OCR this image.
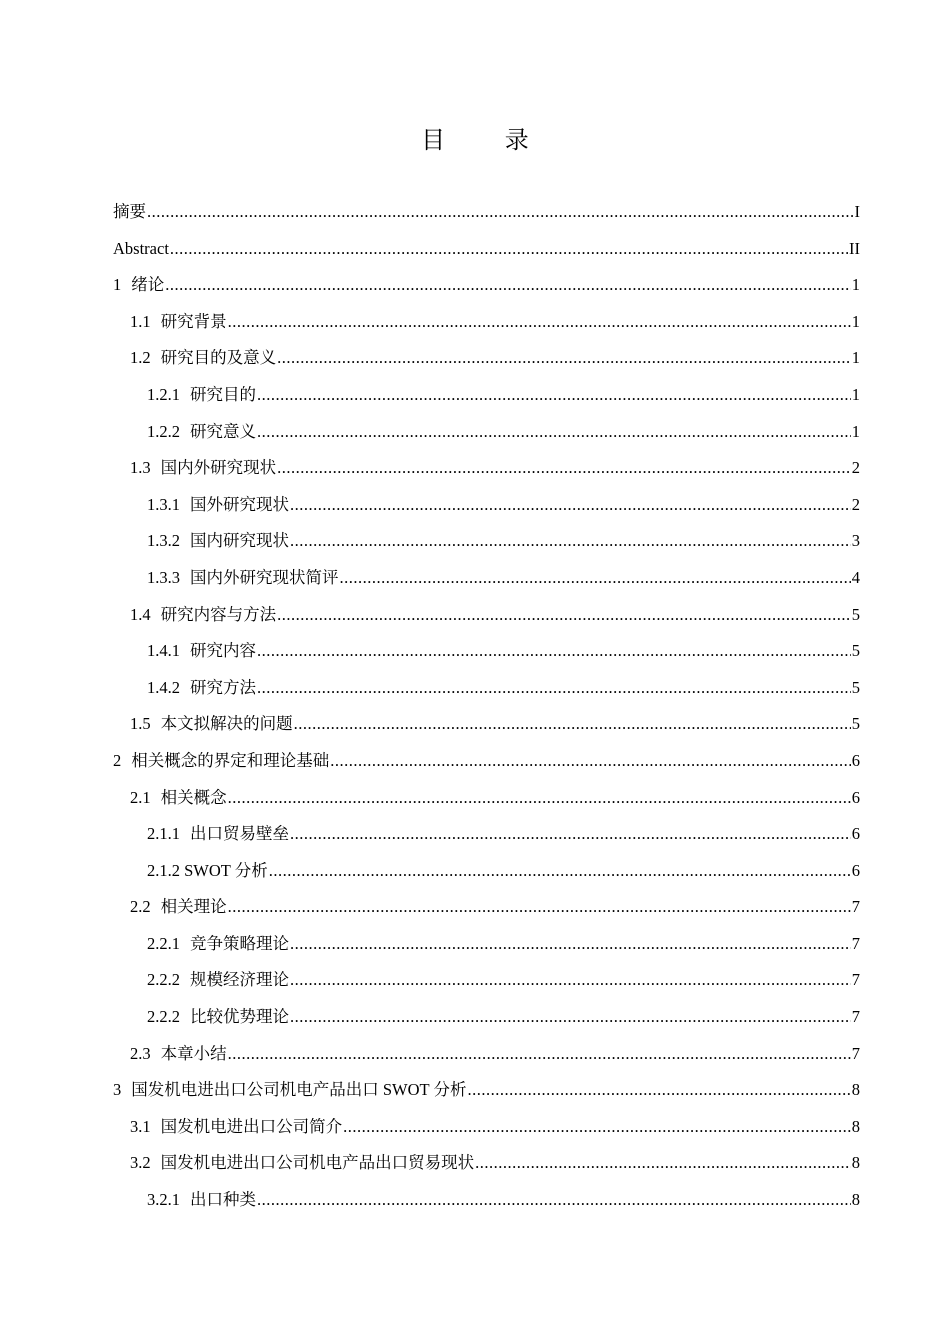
目 录
摘要 .....	I
Abstract .....	II
1 绪论 .....	1
1.1 研究背景 .....	1
1.2 研究目的及意义 .....	1
1.2.1 研究目的 .....	1
1.2.2 研究意义 .....	1
1.3 国内外研究现状 .....	2
1.3.1 国外研究现状 .....	2
1.3.2 国内研究现状 .....	3
1.3.3 国内外研究现状简评 .....	4
1.4 研究内容与方法 .....	5
1.4.1 研究内容 .....	5
1.4.2 研究方法 .....	5
1.5 本文拟解决的问题 .....	5
2 相关概念的界定和理论基础 .....	6
2.1 相关概念 .....	6
2.1.1 出口贸易壁垒 .....	6
2.1.2 SWOT 分析 .....	6
2.2 相关理论 .....	7
2.2.1 竞争策略理论 .....	7
2.2.2 规模经济理论 .....	7
2.2.2 比较优势理论 .....	7
2.3 本章小结 .....	7
3 国发机电进出口公司机电产品出口 SWOT 分析 .....	8
3.1 国发机电进出口公司简介 .....	8
3.2 国发机电进出口公司机电产品出口贸易现状 .....	8
3.2.1 出口种类 .....	8
